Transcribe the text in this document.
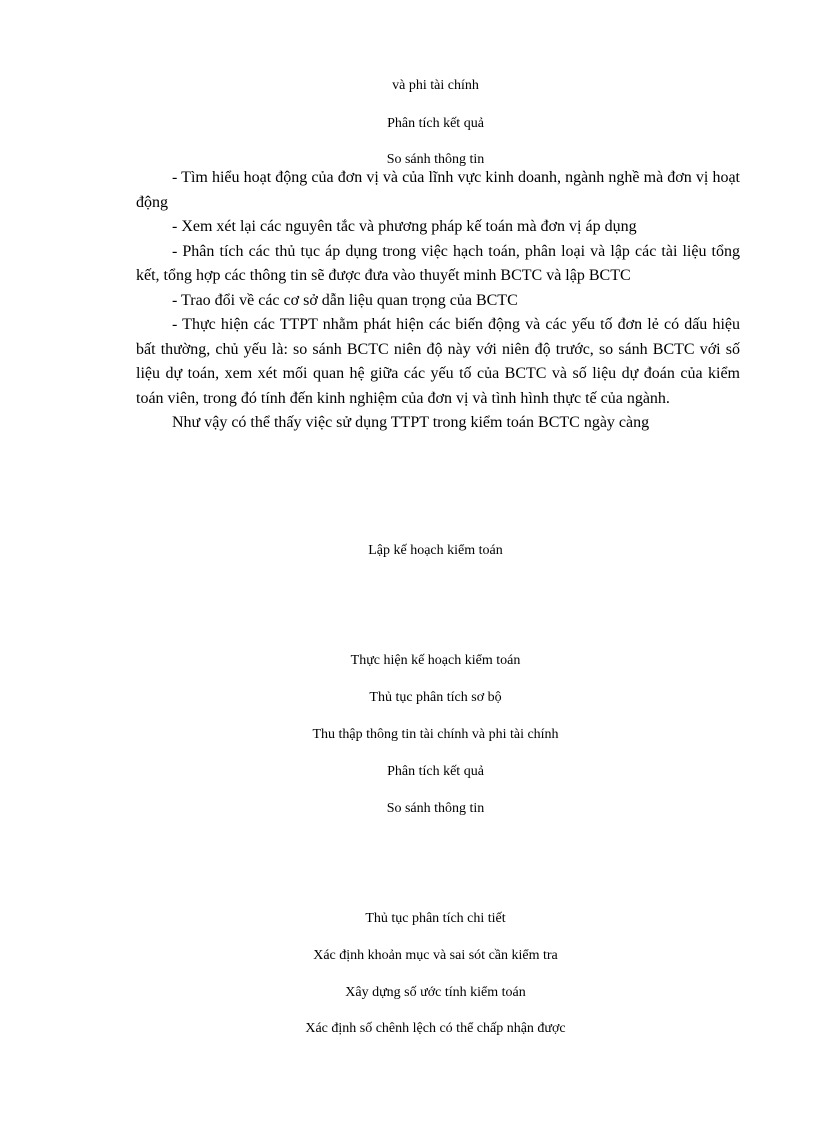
và phi tài chính
Phân tích kết quả
So sánh thông tin

- Tìm hiểu hoạt động của đơn vị và của lĩnh vực kinh doanh, ngành nghề mà đơn vị hoạt động

- Xem xét lại các nguyên tắc và phương pháp kế toán mà đơn vị áp dụng

- Phân tích các thủ tục áp dụng trong việc hạch toán, phân loại và lập các tài liệu tổng kết, tổng hợp các thông tin sẽ được đưa vào thuyết minh BCTC và lập BCTC

- Trao đổi về các cơ sở dẫn liệu quan trọng của BCTC

- Thực hiện các TTPT nhằm phát hiện các biến động và các yếu tố đơn lẻ có dấu hiệu bất thường, chủ yếu là: so sánh BCTC niên độ này với niên độ trước, so sánh BCTC với số liệu dự toán, xem xét mối quan hệ giữa các yếu tố của BCTC và số liệu dự đoán của kiểm toán viên, trong đó tính đến kinh nghiệm của đơn vị và tình hình thực tế của ngành.

Như vậy có thể thấy việc sử dụng TTPT trong kiểm toán BCTC ngày càng

Lập kế hoạch kiểm toán
Thực hiện kế hoạch kiểm toán
Thủ tục phân tích sơ bộ
Thu thập thông tin tài chính và phi tài chính
Phân tích kết quả
So sánh thông tin
Thủ tục phân tích chi tiết
Xác định khoản mục và sai sót cần kiểm tra
Xây dựng số ước tính kiểm toán
Xác định số chênh lệch có thể chấp nhận được
